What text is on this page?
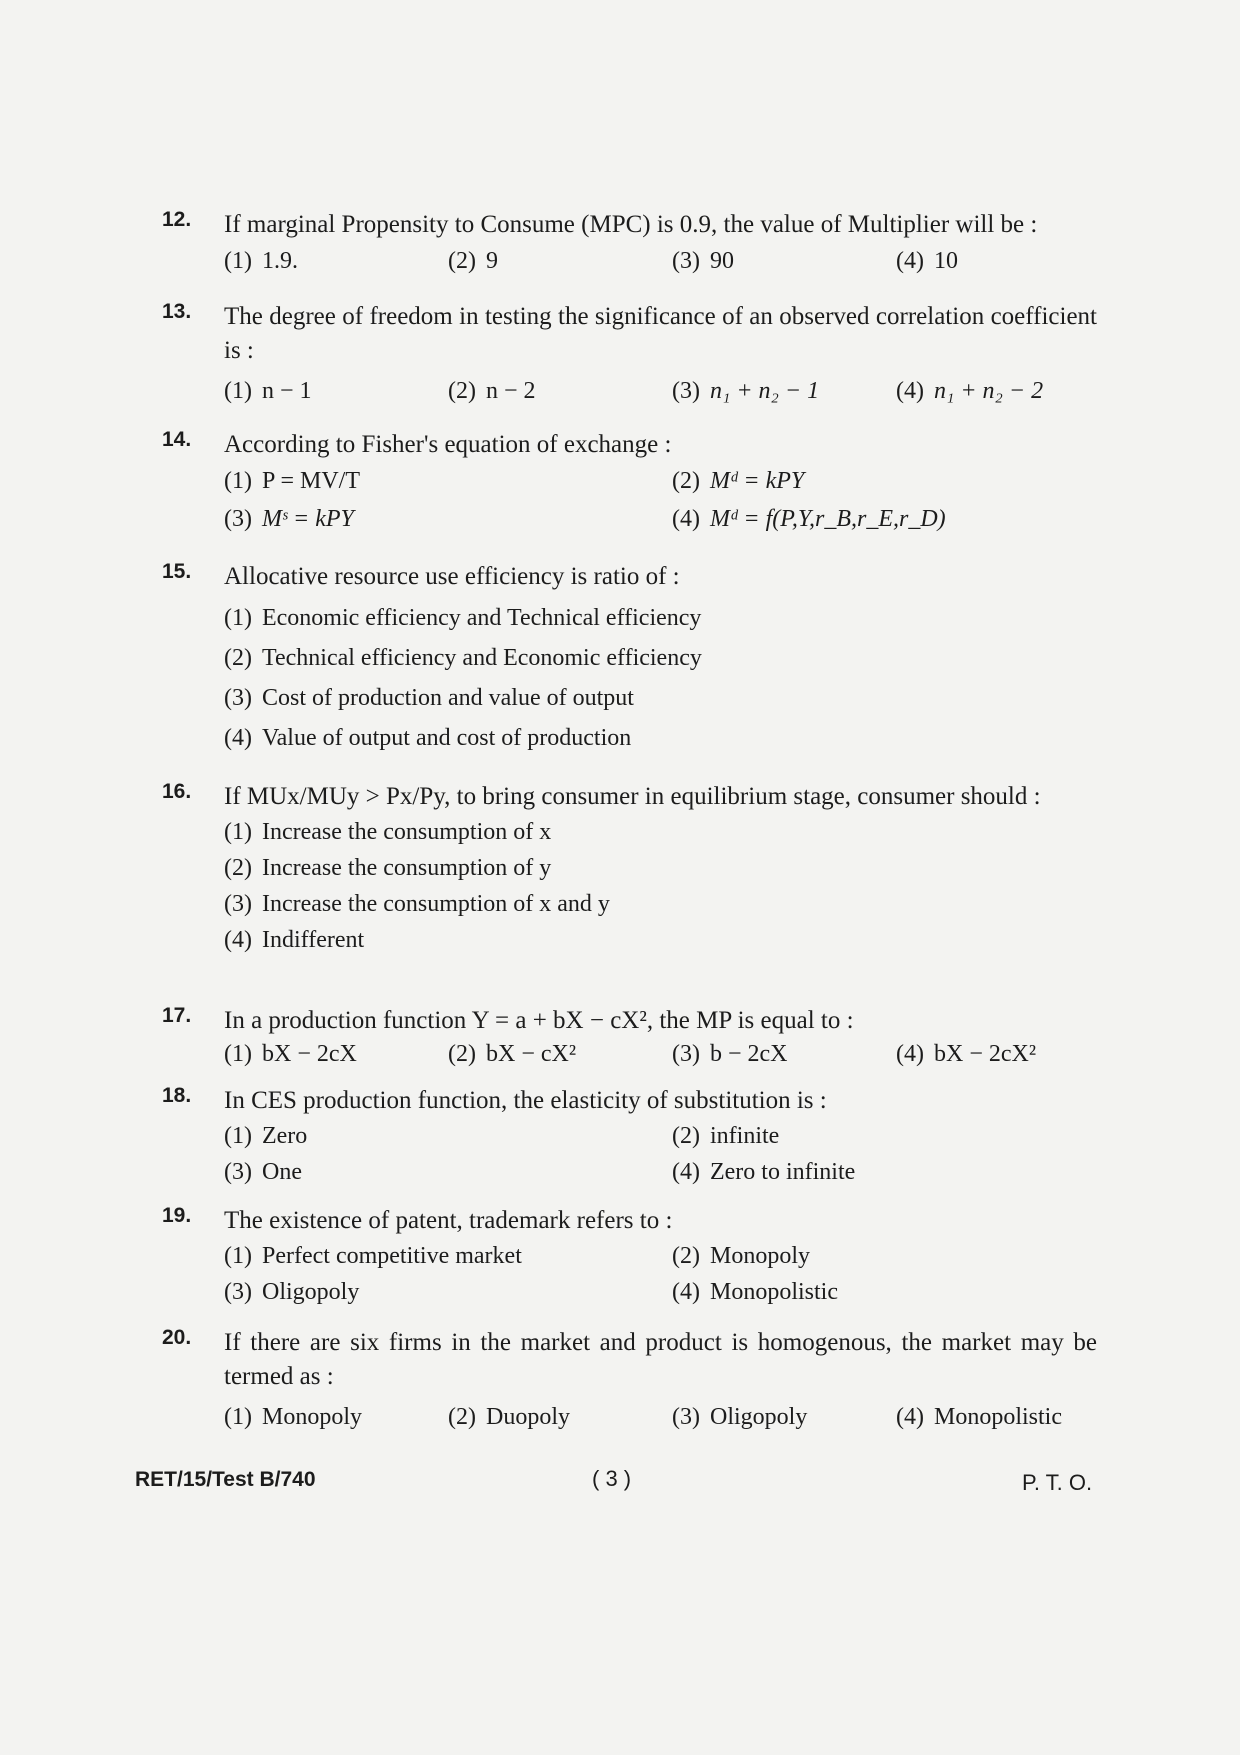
12. If marginal Propensity to Consume (MPC) is 0.9, the value of Multiplier will be :
(1) 1.9.	(2) 9	(3) 90	(4) 10
13. The degree of freedom in testing the significance of an observed correlation coefficient is :
(1) n − 1	(2) n − 2	(3) n₁ + n₂ − 1	(4) n₁ + n₂ − 2
14. According to Fisher's equation of exchange :
(1) P = MV/T	(2) Mᵈ = kPY
(3) Mˢ = kPY	(4) Mᵈ = f(P,Y,r_B,r_E,r_D)
15. Allocative resource use efficiency is ratio of :
(1) Economic efficiency and Technical efficiency
(2) Technical efficiency and Economic efficiency
(3) Cost of production and value of output
(4) Value of output and cost of production
16. If MUx/MUy > Px/Py, to bring consumer in equilibrium stage, consumer should :
(1) Increase the consumption of x
(2) Increase the consumption of y
(3) Increase the consumption of x and y
(4) Indifferent
17. In a production function Y = a + bX − cX², the MP is equal to :
(1) bX − 2cX	(2) bX − cX²	(3) b − 2cX	(4) bX − 2cX²
18. In CES production function, the elasticity of substitution is :
(1) Zero	(2) infinite
(3) One	(4) Zero to infinite
19. The existence of patent, trademark refers to :
(1) Perfect competitive market	(2) Monopoly
(3) Oligopoly	(4) Monopolistic
20. If there are six firms in the market and product is homogenous, the market may be termed as :
(1) Monopoly	(2) Duopoly	(3) Oligopoly	(4) Monopolistic
RET/15/Test B/740	( 3 )	P. T. O.
